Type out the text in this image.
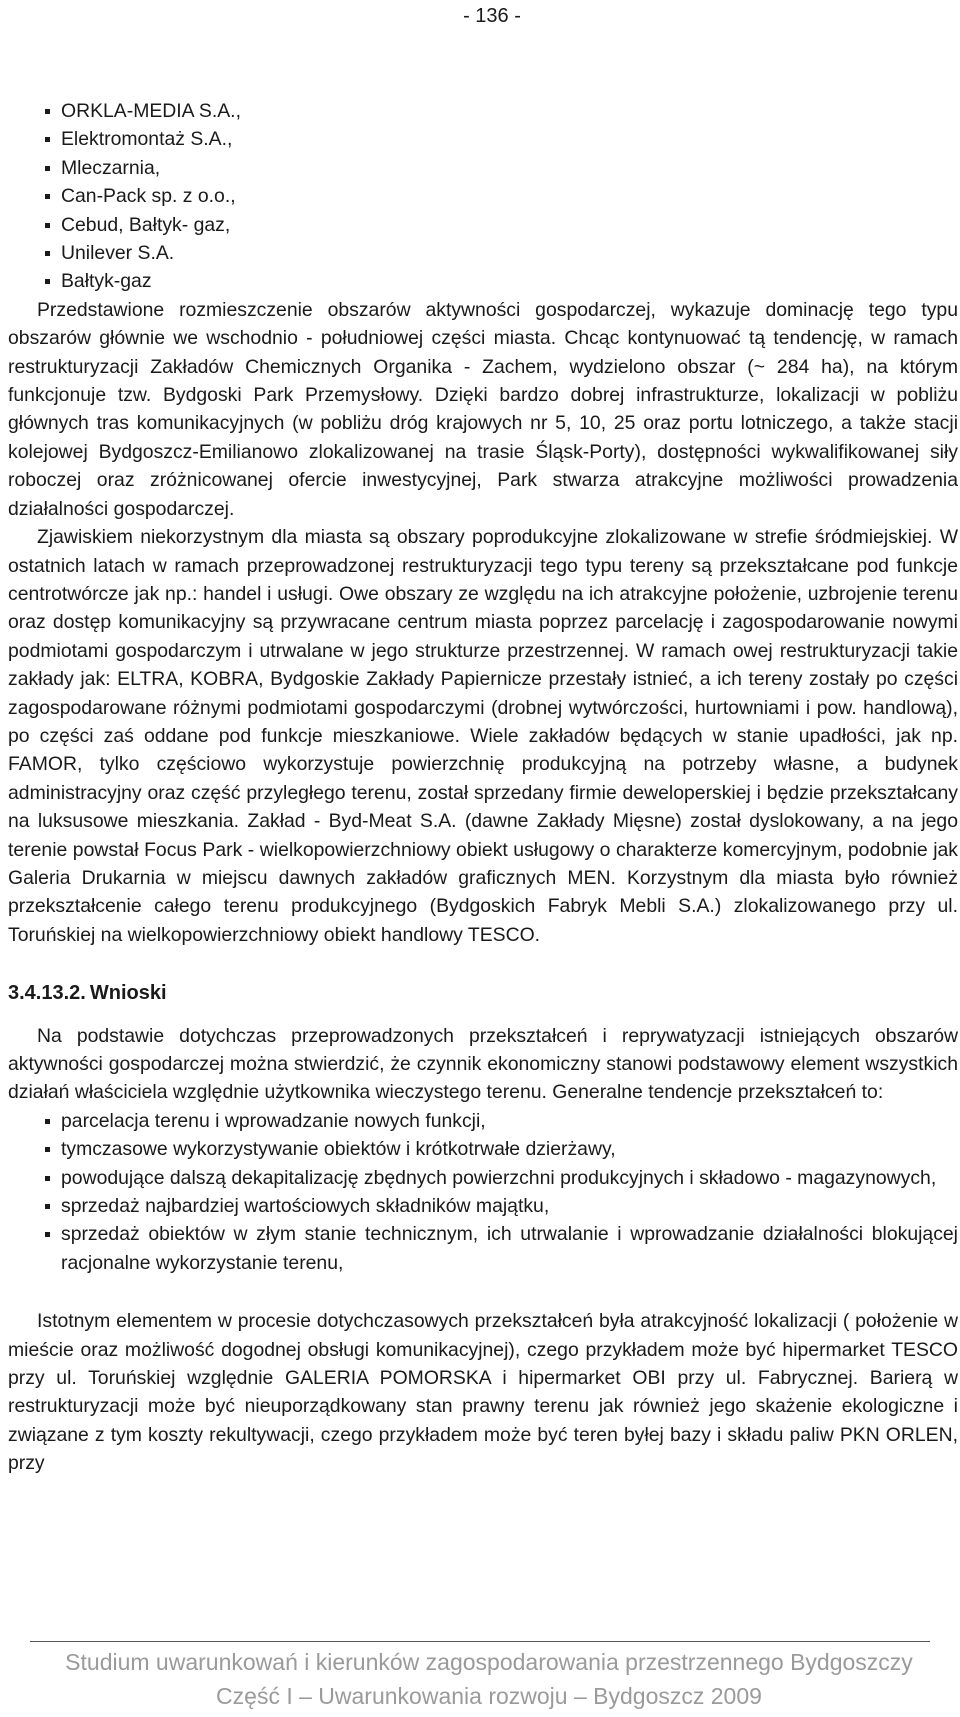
- 136 -
ORKLA-MEDIA S.A.,
Elektromontaż S.A.,
Mleczarnia,
Can-Pack sp. z o.o.,
Cebud, Bałtyk- gaz,
Unilever S.A.
Bałtyk-gaz

Przedstawione rozmieszczenie obszarów aktywności gospodarczej, wykazuje dominację tego typu obszarów głównie we wschodnio - południowej części miasta. Chcąc kontynuować tą tendencję, w ramach restrukturyzacji Zakładów Chemicznych Organika - Zachem, wydzielono obszar (~ 284 ha), na którym funkcjonuje tzw. Bydgoski Park Przemysłowy. Dzięki bardzo dobrej infrastrukturze, lokalizacji w pobliżu głównych tras komunikacyjnych (w pobliżu dróg krajowych nr 5, 10, 25 oraz portu lotniczego, a także stacji kolejowej Bydgoszcz-Emilianowo zlokalizowanej na trasie Śląsk-Porty), dostępności wykwalifikowanej siły roboczej oraz zróżnicowanej ofercie inwestycyjnej, Park stwarza atrakcyjne możliwości prowadzenia działalności gospodarczej.

Zjawiskiem niekorzystnym dla miasta są obszary poprodukcyjne zlokalizowane w strefie śródmiejskiej. W ostatnich latach w ramach przeprowadzonej restrukturyzacji tego typu tereny są przekształcane pod funkcje centrotwórcze jak np.: handel i usługi. Owe obszary ze względu na ich atrakcyjne położenie, uzbrojenie terenu oraz dostęp komunikacyjny są przywracane centrum miasta poprzez parcelację i zagospodarowanie nowymi podmiotami gospodarczym i utrwalane w jego strukturze przestrzennej. W ramach owej restrukturyzacji takie zakłady jak: ELTRA, KOBRA, Bydgoskie Zakłady Papiernicze przestały istnieć, a ich tereny zostały po części zagospodarowane różnymi podmiotami gospodarczymi (drobnej wytwórczości, hurtowniami i pow. handlową), po części zaś oddane pod funkcje mieszkaniowe. Wiele zakładów będących w stanie upadłości, jak np. FAMOR, tylko częściowo wykorzystuje powierzchnię produkcyjną na potrzeby własne, a budynek administracyjny oraz część przyległego terenu, został sprzedany firmie deweloperskiej i będzie przekształcany na luksusowe mieszkania. Zakład - Byd-Meat S.A. (dawne Zakłady Mięsne) został dyslokowany, a na jego terenie powstał Focus Park - wielkopowierzchniowy obiekt usługowy o charakterze komercyjnym, podobnie jak Galeria Drukarnia w miejscu dawnych zakładów graficznych MEN. Korzystnym dla miasta było również przekształcenie całego terenu produkcyjnego (Bydgoskich Fabryk Mebli S.A.) zlokalizowanego przy ul. Toruńskiej na wielkopowierzchniowy obiekt handlowy TESCO.

3.4.13.2. Wnioski

Na podstawie dotychczas przeprowadzonych przekształceń i reprywatyzacji istniejących obszarów aktywności gospodarczej można stwierdzić, że czynnik ekonomiczny stanowi podstawowy element wszystkich działań właściciela względnie użytkownika wieczystego terenu. Generalne tendencje przekształceń to:

parcelacja terenu i wprowadzanie nowych funkcji,
tymczasowe wykorzystywanie obiektów i krótkotrwałe dzierżawy,
powodujące dalszą dekapitalizację zbędnych powierzchni produkcyjnych i składowo - magazynowych,
sprzedaż najbardziej wartościowych składników majątku,
sprzedaż obiektów w złym stanie technicznym, ich utrwalanie i wprowadzanie działalności blokującej racjonalne wykorzystanie terenu,

Istotnym elementem w procesie dotychczasowych przekształceń była atrakcyjność lokalizacji ( położenie w mieście oraz możliwość dogodnej obsługi komunikacyjnej), czego przykładem może być hipermarket TESCO przy ul. Toruńskiej względnie GALERIA POMORSKA i hipermarket OBI przy ul. Fabrycznej. Barierą w restrukturyzacji może być nieuporządkowany stan prawny terenu jak również jego skażenie ekologiczne i związane z tym koszty rekultywacji, czego przykładem może być teren byłej bazy i składu paliw PKN ORLEN, przy

Studium uwarunkowań i kierunków zagospodarowania przestrzennego Bydgoszczy
Część I – Uwarunkowania rozwoju – Bydgoszcz 2009
